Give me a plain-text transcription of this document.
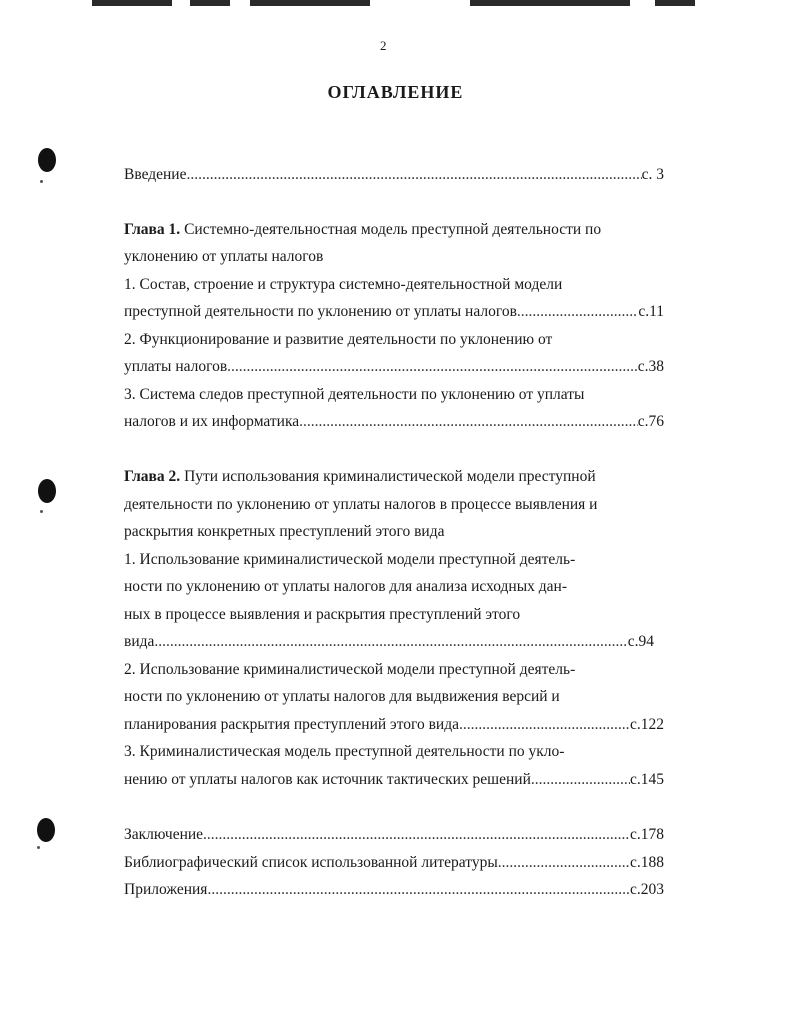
2
ОГЛАВЛЕНИЕ
Введение .....	с. 3
Глава 1. Системно-деятельностная модель преступной деятельности по
уклонению от уплаты налогов
1. Состав, строение и структура системно-деятельностной модели
преступной деятельности по уклонению от уплаты налогов .....	с.11
2. Функционирование и развитие деятельности по уклонению от
уплаты налогов .....	с.38
3. Система следов преступной деятельности по уклонению от уплаты
налогов и их информатика .....	с.76
Глава 2. Пути использования криминалистической модели преступной
деятельности по уклонению от уплаты налогов в процессе выявления и
раскрытия конкретных преступлений этого вида
1. Использование криминалистической модели преступной деятель-
ности по уклонению от уплаты налогов для анализа исходных дан-
ных в процессе выявления и раскрытия преступлений этого
вида .....	с.94
2. Использование криминалистической модели преступной деятель-
ности по уклонению от уплаты налогов для выдвижения версий и
планирования раскрытия преступлений этого вида .....	с.122
3. Криминалистическая модель преступной деятельности по укло-
нению от уплаты налогов как источник тактических решений .....	с.145
Заключение .....	с.178
Библиографический список использованной литературы .....	с.188
Приложения .....	с.203
